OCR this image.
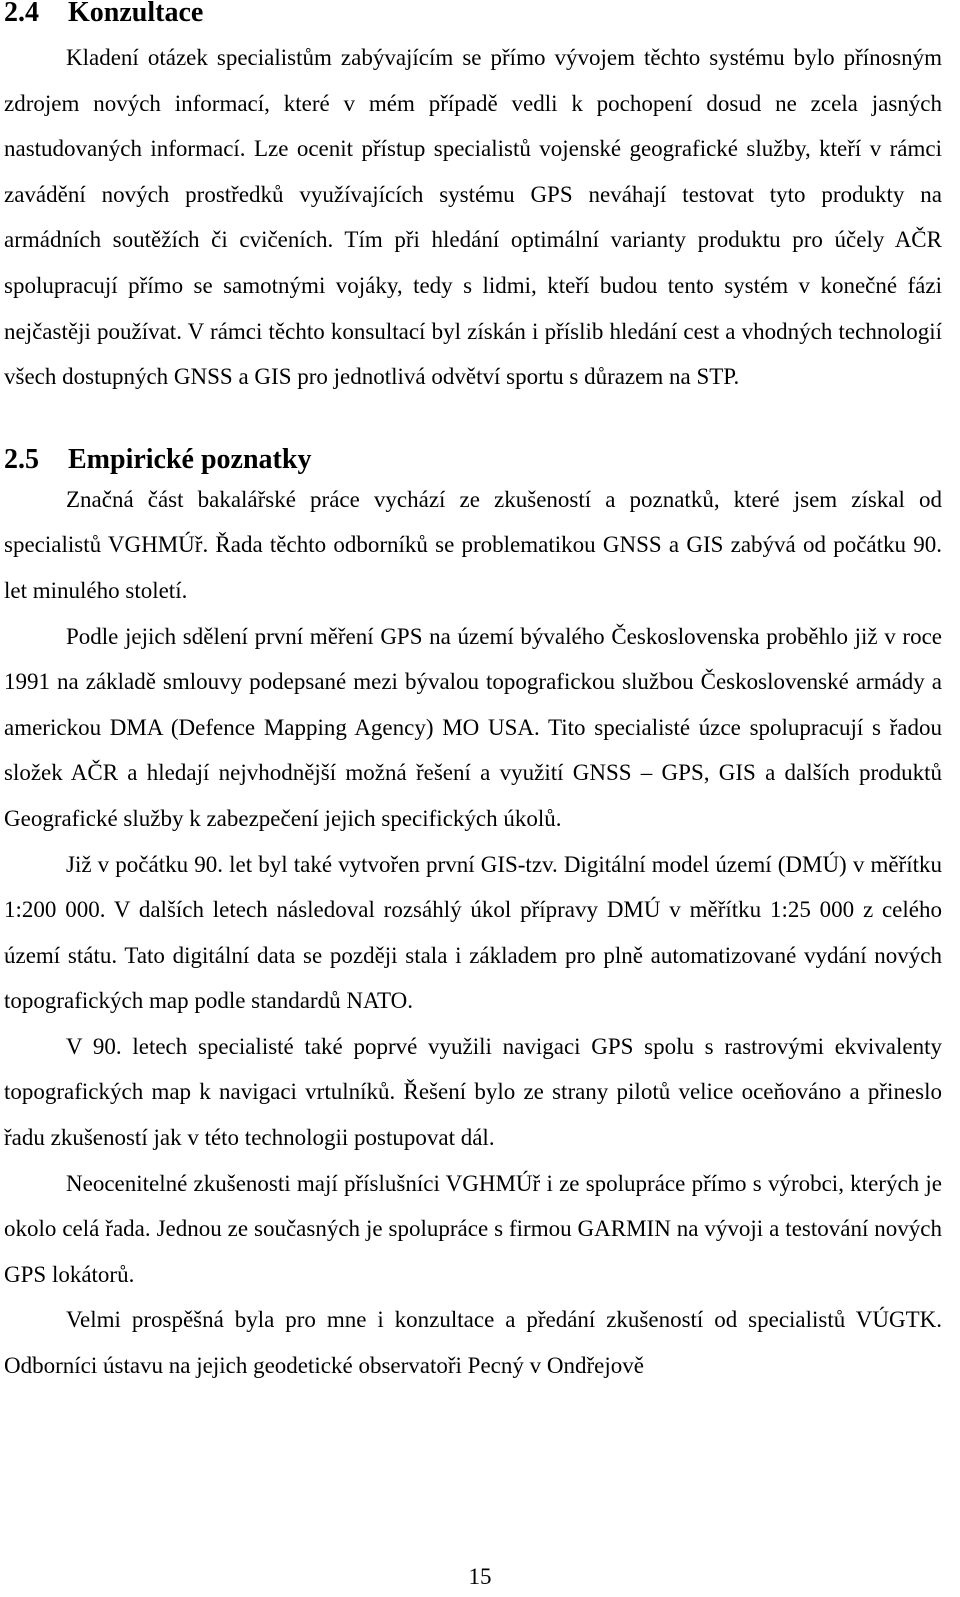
2.4 Konzultace

Kladení otázek specialistům zabývajícím se přímo vývojem těchto systému bylo přínosným zdrojem nových informací, které v mém případě vedli k pochopení dosud ne zcela jasných nastudovaných informací. Lze ocenit přístup specialistů vojenské geografické služby, kteří v rámci zavádění nových prostředků využívajících systému GPS neváhají testovat tyto produkty na armádních soutěžích či cvičeních. Tím při hledání optimální varianty produktu pro účely AČR spolupracují přímo se samotnými vojáky, tedy s lidmi, kteří budou tento systém v konečné fázi nejčastěji používat. V rámci těchto konsultací byl získán i příslib hledání cest a vhodných technologií všech dostupných GNSS a GIS pro jednotlivá odvětví sportu s důrazem na STP.

2.5 Empirické poznatky

Značná část bakalářské práce vychází ze zkušeností a poznatků, které jsem získal od specialistů VGHMÚř. Řada těchto odborníků se problematikou GNSS a GIS zabývá od počátku 90. let minulého století.

Podle jejich sdělení první měření GPS na území bývalého Československa proběhlo již v roce 1991 na základě smlouvy podepsané mezi bývalou topografickou službou Československé armády a americkou DMA (Defence Mapping Agency) MO USA. Tito specialisté úzce spolupracují s řadou složek AČR a hledají nejvhodnější možná řešení a využití GNSS – GPS, GIS a dalších produktů Geografické služby k zabezpečení jejich specifických úkolů.

Již v počátku 90. let byl také vytvořen první GIS-tzv. Digitální model území (DMÚ) v měřítku 1:200 000. V dalších letech následoval rozsáhlý úkol přípravy DMÚ v měřítku 1:25 000 z celého území státu. Tato digitální data se později stala i základem pro plně automatizované vydání nových topografických map podle standardů NATO.

V 90. letech specialisté také poprvé využili navigaci GPS spolu s rastrovými ekvivalenty topografických map k navigaci vrtulníků. Řešení bylo ze strany pilotů velice oceňováno a přineslo řadu zkušeností jak v této technologii postupovat dál.

Neocenitelné zkušenosti mají příslušníci VGHMÚř i ze spolupráce přímo s výrobci, kterých je okolo celá řada. Jednou ze současných je spolupráce s firmou GARMIN na vývoji a testování nových GPS lokátorů.

Velmi prospěšná byla pro mne i konzultace a předání zkušeností od specialistů VÚGTK. Odborníci ústavu na jejich geodetické observatoři Pecný v Ondřejově

15
